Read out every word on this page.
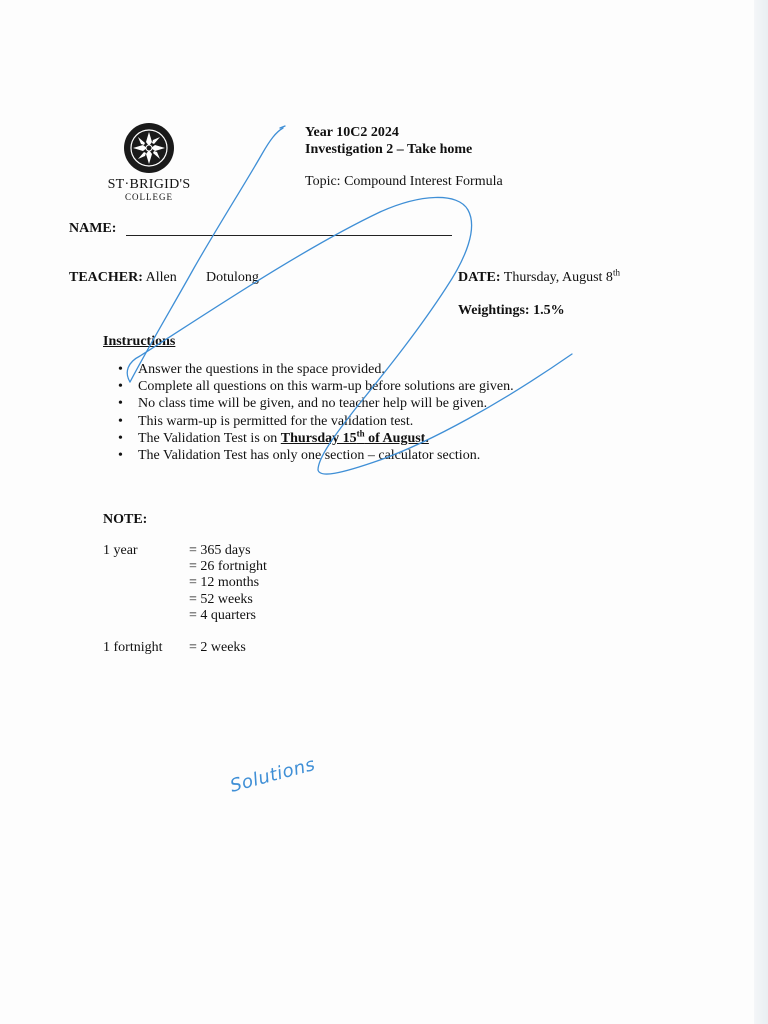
ST·BRIGID'S
COLLEGE
Year 10C2 2024
Investigation 2 – Take home
Topic: Compound Interest Formula
NAME:
TEACHER: Allen Dotulong	DATE: Thursday, August 8th
Weightings: 1.5%
Instructions
• Answer the questions in the space provided.
• Complete all questions on this warm-up before solutions are given.
• No class time will be given, and no teacher help will be given.
• This warm-up is permitted for the validation test.
• The Validation Test is on Thursday 15th of August.
• The Validation Test has only one section – calculator section.
NOTE:
1 year	= 365 days
= 26 fortnight
= 12 months
= 52 weeks
= 4 quarters
1 fortnight = 2 weeks
Solutions
